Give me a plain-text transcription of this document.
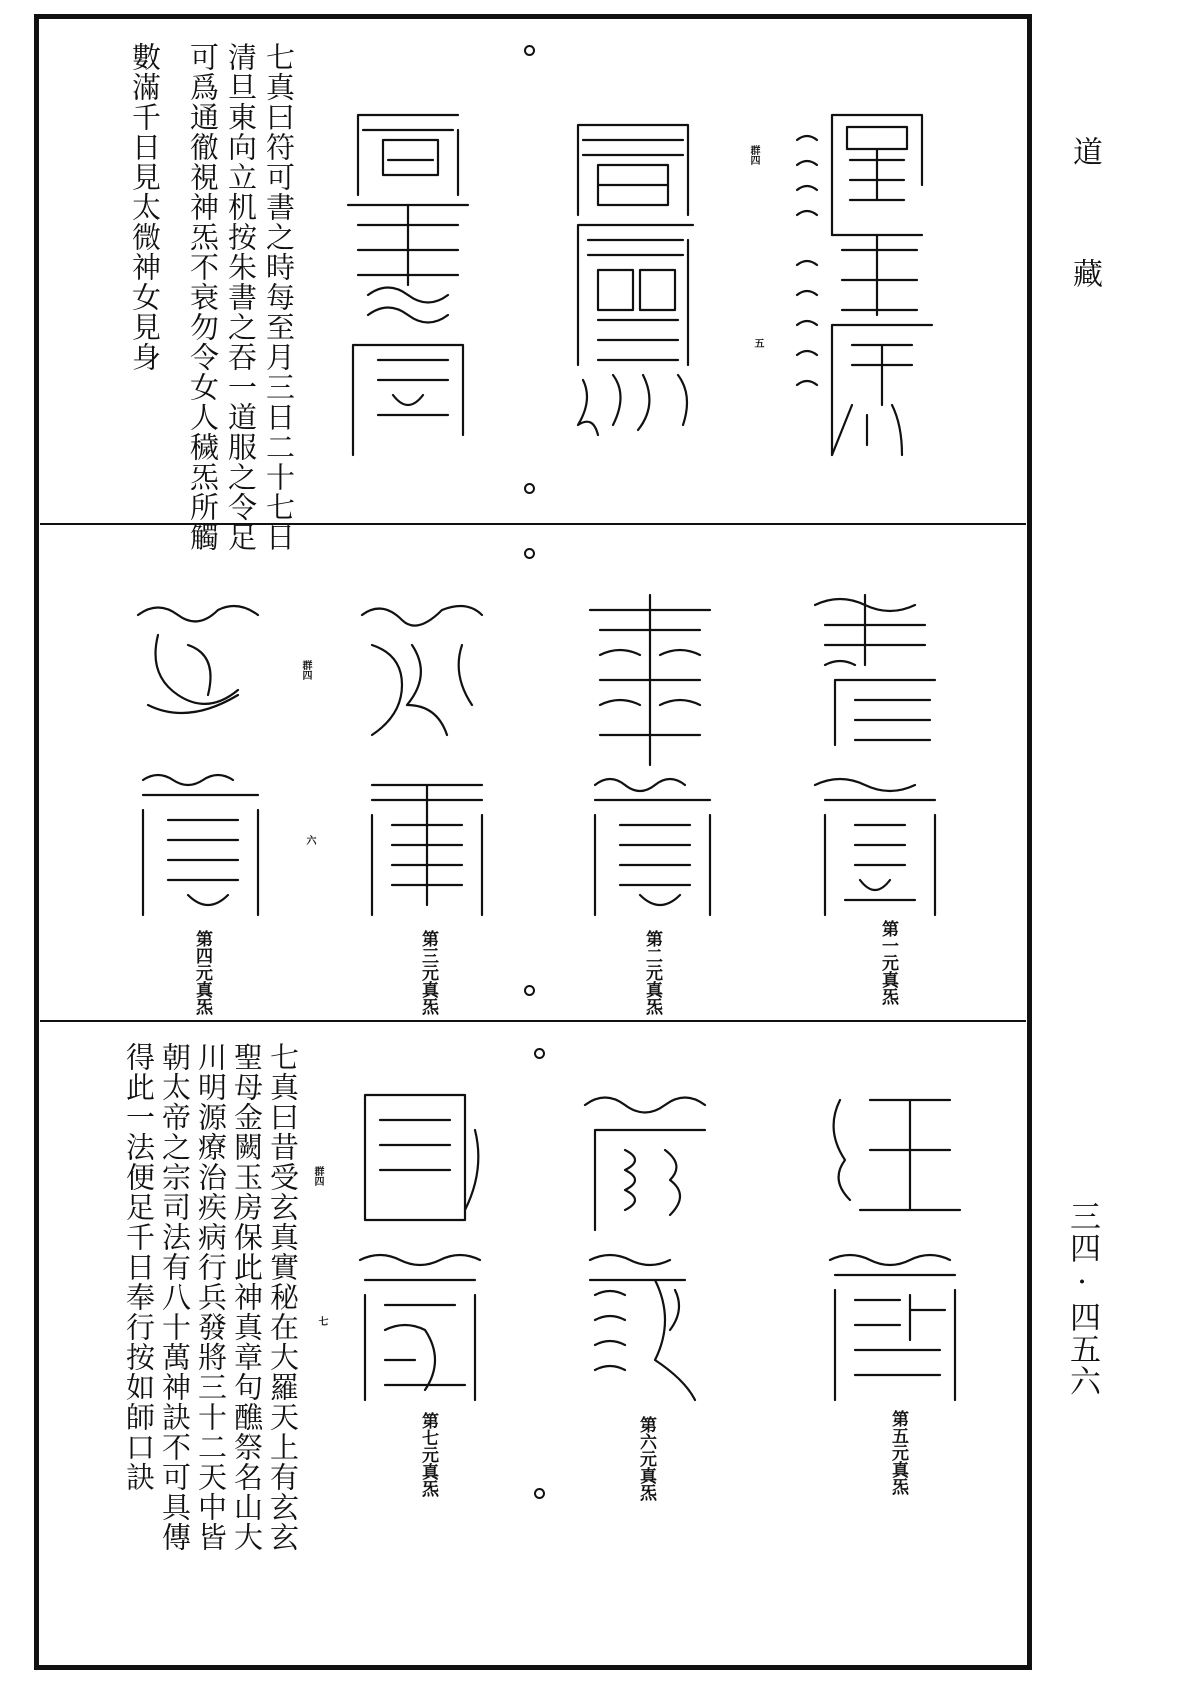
道
藏
三四·四五六
群四
五
七真曰符可書之時每至月三日二十七日
清旦東向立机按朱書之吞一道服之令足
可爲通徹視神炁不衰勿令女人穢炁所觸
數滿千日見太微神女見身
群四
六
第一元真炁
第二元真炁
第三元真炁
第四元真炁
群四
七
第五元真炁
第六元真炁
第七元真炁
七真曰昔受玄真實秘在大羅天上有玄玄
聖母金闕玉房保此神真章句醮祭名山大
川明源療治疾病行兵發將三十二天中皆
朝太帝之宗司法有八十萬神訣不可具傳
得此一法便足千日奉行按如師口訣
